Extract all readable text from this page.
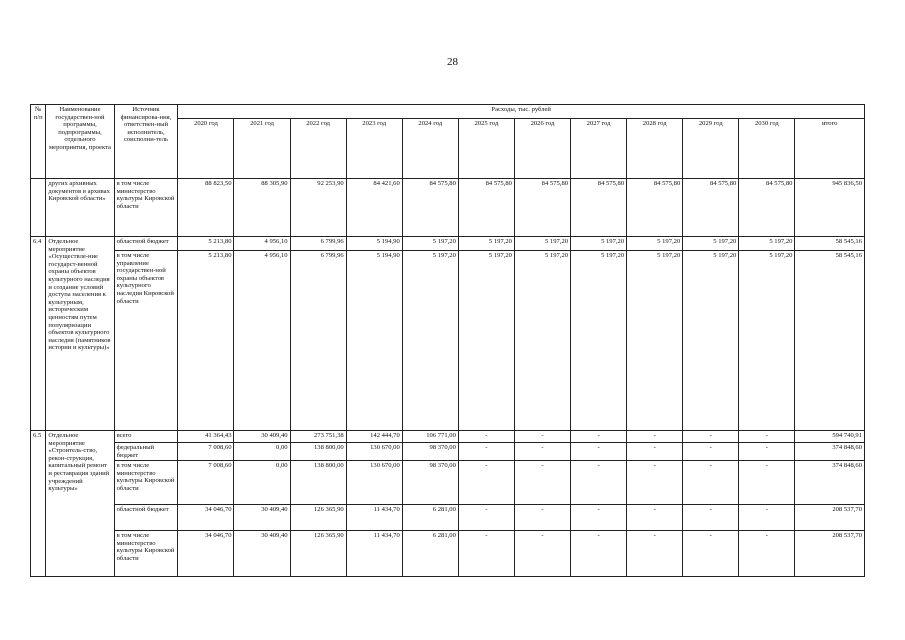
28
№ п/п	Наименование государствен-ной программы, подпрограммы, отдельного мероприятия, проекта	Источник финансирова-ния, ответствен-ный исполнитель, соисполни-тель	Расходы, тыс. рублей											
			2020 год	2021 год	2022 год	2023 год	2024 год	2025 год	2026 год	2027 год	2028 год	2029 год	2030 год	итого
	других архивных документов в архивах Кировской области»	в том числе министерство культуры Кировской области	88 823,50	88 305,90	92 253,90	84 421,60	84 575,80	84 575,80	84 575,80	84 575,80	84 575,80	84 575,80	84 575,80	945 836,50
6.4	Отдельное мероприятие «Осуществле-ние государст-венной охраны объектов культурного наследия и создание условий доступа населения к культурным, историческим ценностям путем популяризации объектов культурного наследия (памятников истории и культуры)»	областной бюджет	5 213,80	4 956,10	6 799,96	5 194,90	5 197,20	5 197,20	5 197,20	5 197,20	5 197,20	5 197,20	5 197,20	58 545,16
		в том числе управление государствен-ной охраны объектов культурного наследия Кировской области	5 213,80	4 956,10	6 799,96	5 194,90	5 197,20	5 197,20	5 197,20	5 197,20	5 197,20	5 197,20	5 197,20	58 545,16
6.5	Отдельное мероприятие «Строитель-ство, рекон-струкция, капитальный ремонт и реставрация зданий учреждений культуры»	всего	41 364,43	30 409,40	273 751,38	142 444,70	106 771,00	-	-	-	-	-	-	594 740,91
		федеральный бюджет	7 008,60	0,00	138 800,00	130 670,00	98 370,00	-	-	-	-	-	-	374 848,60
		в том числе министерство культуры Кировской области	7 008,60	0,00	138 800,00	130 670,00	98 370,00	-	-	-	-	-	-	374 848,60
		областной бюджет	34 046,70	30 409,40	126 365,90	11 434,70	6 281,00	-	-	-	-	-	-	208 537,70
		в том числе министерство культуры Кировской области	34 046,70	30 409,40	126 365,90	11 434,70	6 281,00	-	-	-	-	-	-	208 537,70
